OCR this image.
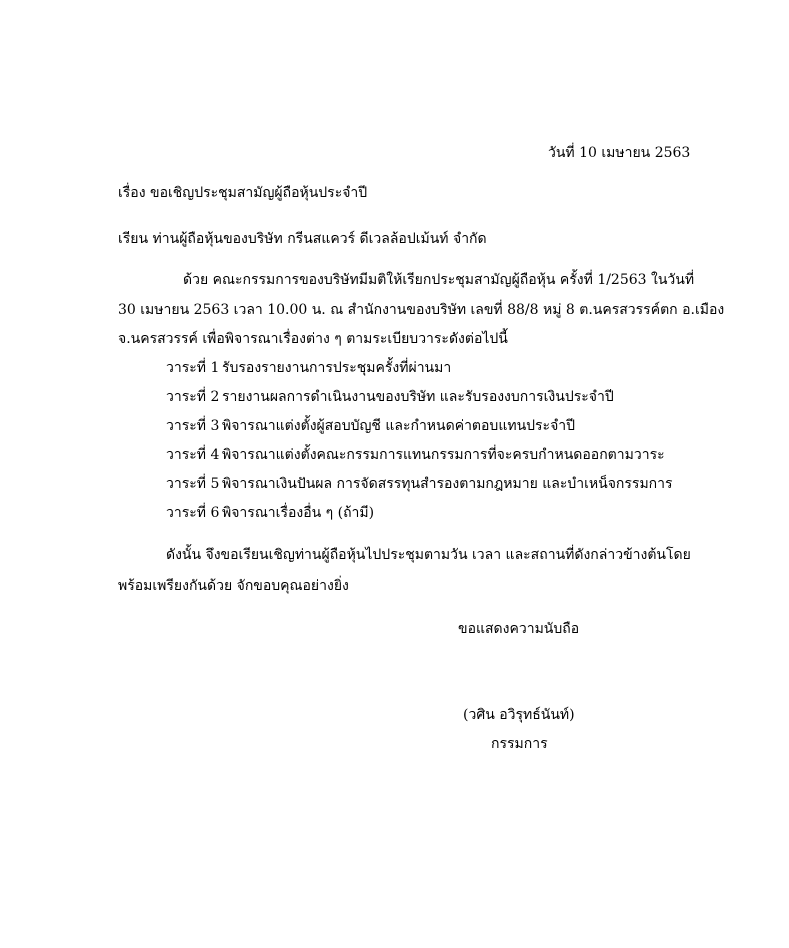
วันที่ 10 เมษายน 2563
เรื่อง ขอเชิญประชุมสามัญผู้ถือหุ้นประจำปี
เรียน ท่านผู้ถือหุ้นของบริษัท กรีนสแควร์ ดีเวลล้อปเม้นท์ จำกัด
ด้วย คณะกรรมการของบริษัทมีมติให้เรียกประชุมสามัญผู้ถือหุ้น ครั้งที่ 1/2563 ในวันที่
30 เมษายน 2563 เวลา 10.00 น. ณ สำนักงานของบริษัท เลขที่ 88/8 หมู่ 8 ต.นครสวรรค์ตก อ.เมือง
จ.นครสวรรค์ เพื่อพิจารณาเรื่องต่าง ๆ ตามระเบียบวาระดังต่อไปนี้
วาระที่ 1 รับรองรายงานการประชุมครั้งที่ผ่านมา
วาระที่ 2 รายงานผลการดำเนินงานของบริษัท และรับรองงบการเงินประจำปี
วาระที่ 3 พิจารณาแต่งตั้งผู้สอบบัญชี และกำหนดค่าตอบแทนประจำปี
วาระที่ 4 พิจารณาแต่งตั้งคณะกรรมการแทนกรรมการที่จะครบกำหนดออกตามวาระ
วาระที่ 5 พิจารณาเงินปันผล การจัดสรรทุนสำรองตามกฎหมาย และบำเหน็จกรรมการ
วาระที่ 6 พิจารณาเรื่องอื่น ๆ (ถ้ามี)
ดังนั้น จึงขอเรียนเชิญท่านผู้ถือหุ้นไปประชุมตามวัน เวลา และสถานที่ดังกล่าวข้างต้นโดย
พร้อมเพรียงกันด้วย จักขอบคุณอย่างยิ่ง
ขอแสดงความนับถือ
(วศิน อวิรุทธ์นันท์)
กรรมการ
